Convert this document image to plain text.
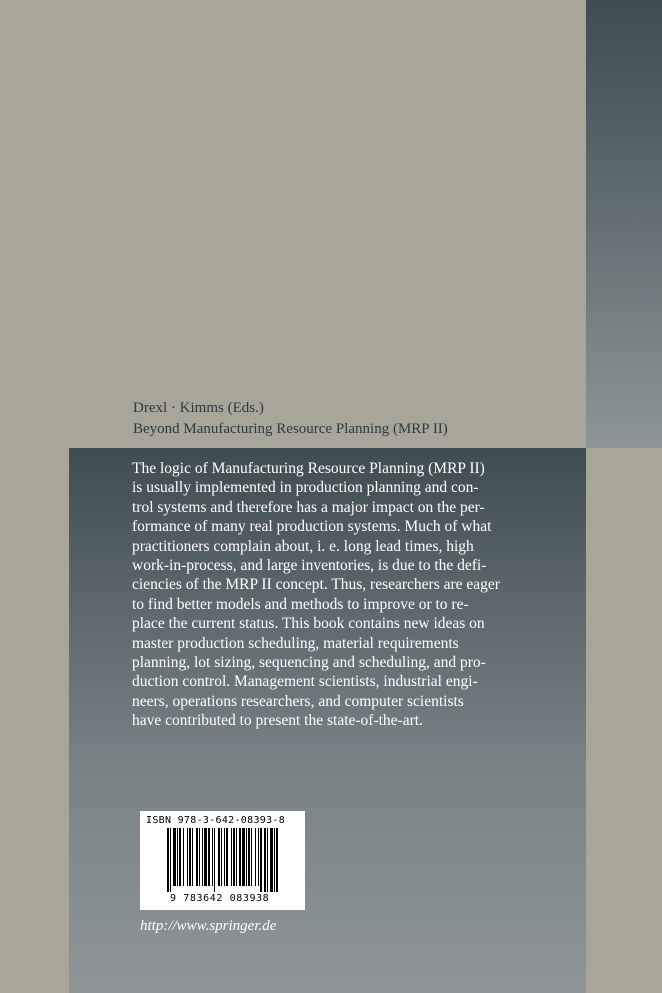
Drexl · Kimms (Eds.)

Beyond Manufacturing Resource Planning (MRP II)

The logic of Manufacturing Resource Planning (MRP II)
is usually implemented in production planning and con-
trol systems and therefore has a major impact on the per-
formance of many real production systems. Much of what
practitioners complain about, i. e. long lead times, high
work-in-process, and large inventories, is due to the defi-
ciencies of the MRP II concept. Thus, researchers are eager
to find better models and methods to improve or to re-
place the current status. This book contains new ideas on
master production scheduling, material requirements
planning, lot sizing, sequencing and scheduling, and pro-
duction control. Management scientists, industrial engi-
neers, operations researchers, and computer scientists
have contributed to present the state-of-the-art.

ISBN 978-3-642-08393-8
9 783642 083938
http://www.springer.de
